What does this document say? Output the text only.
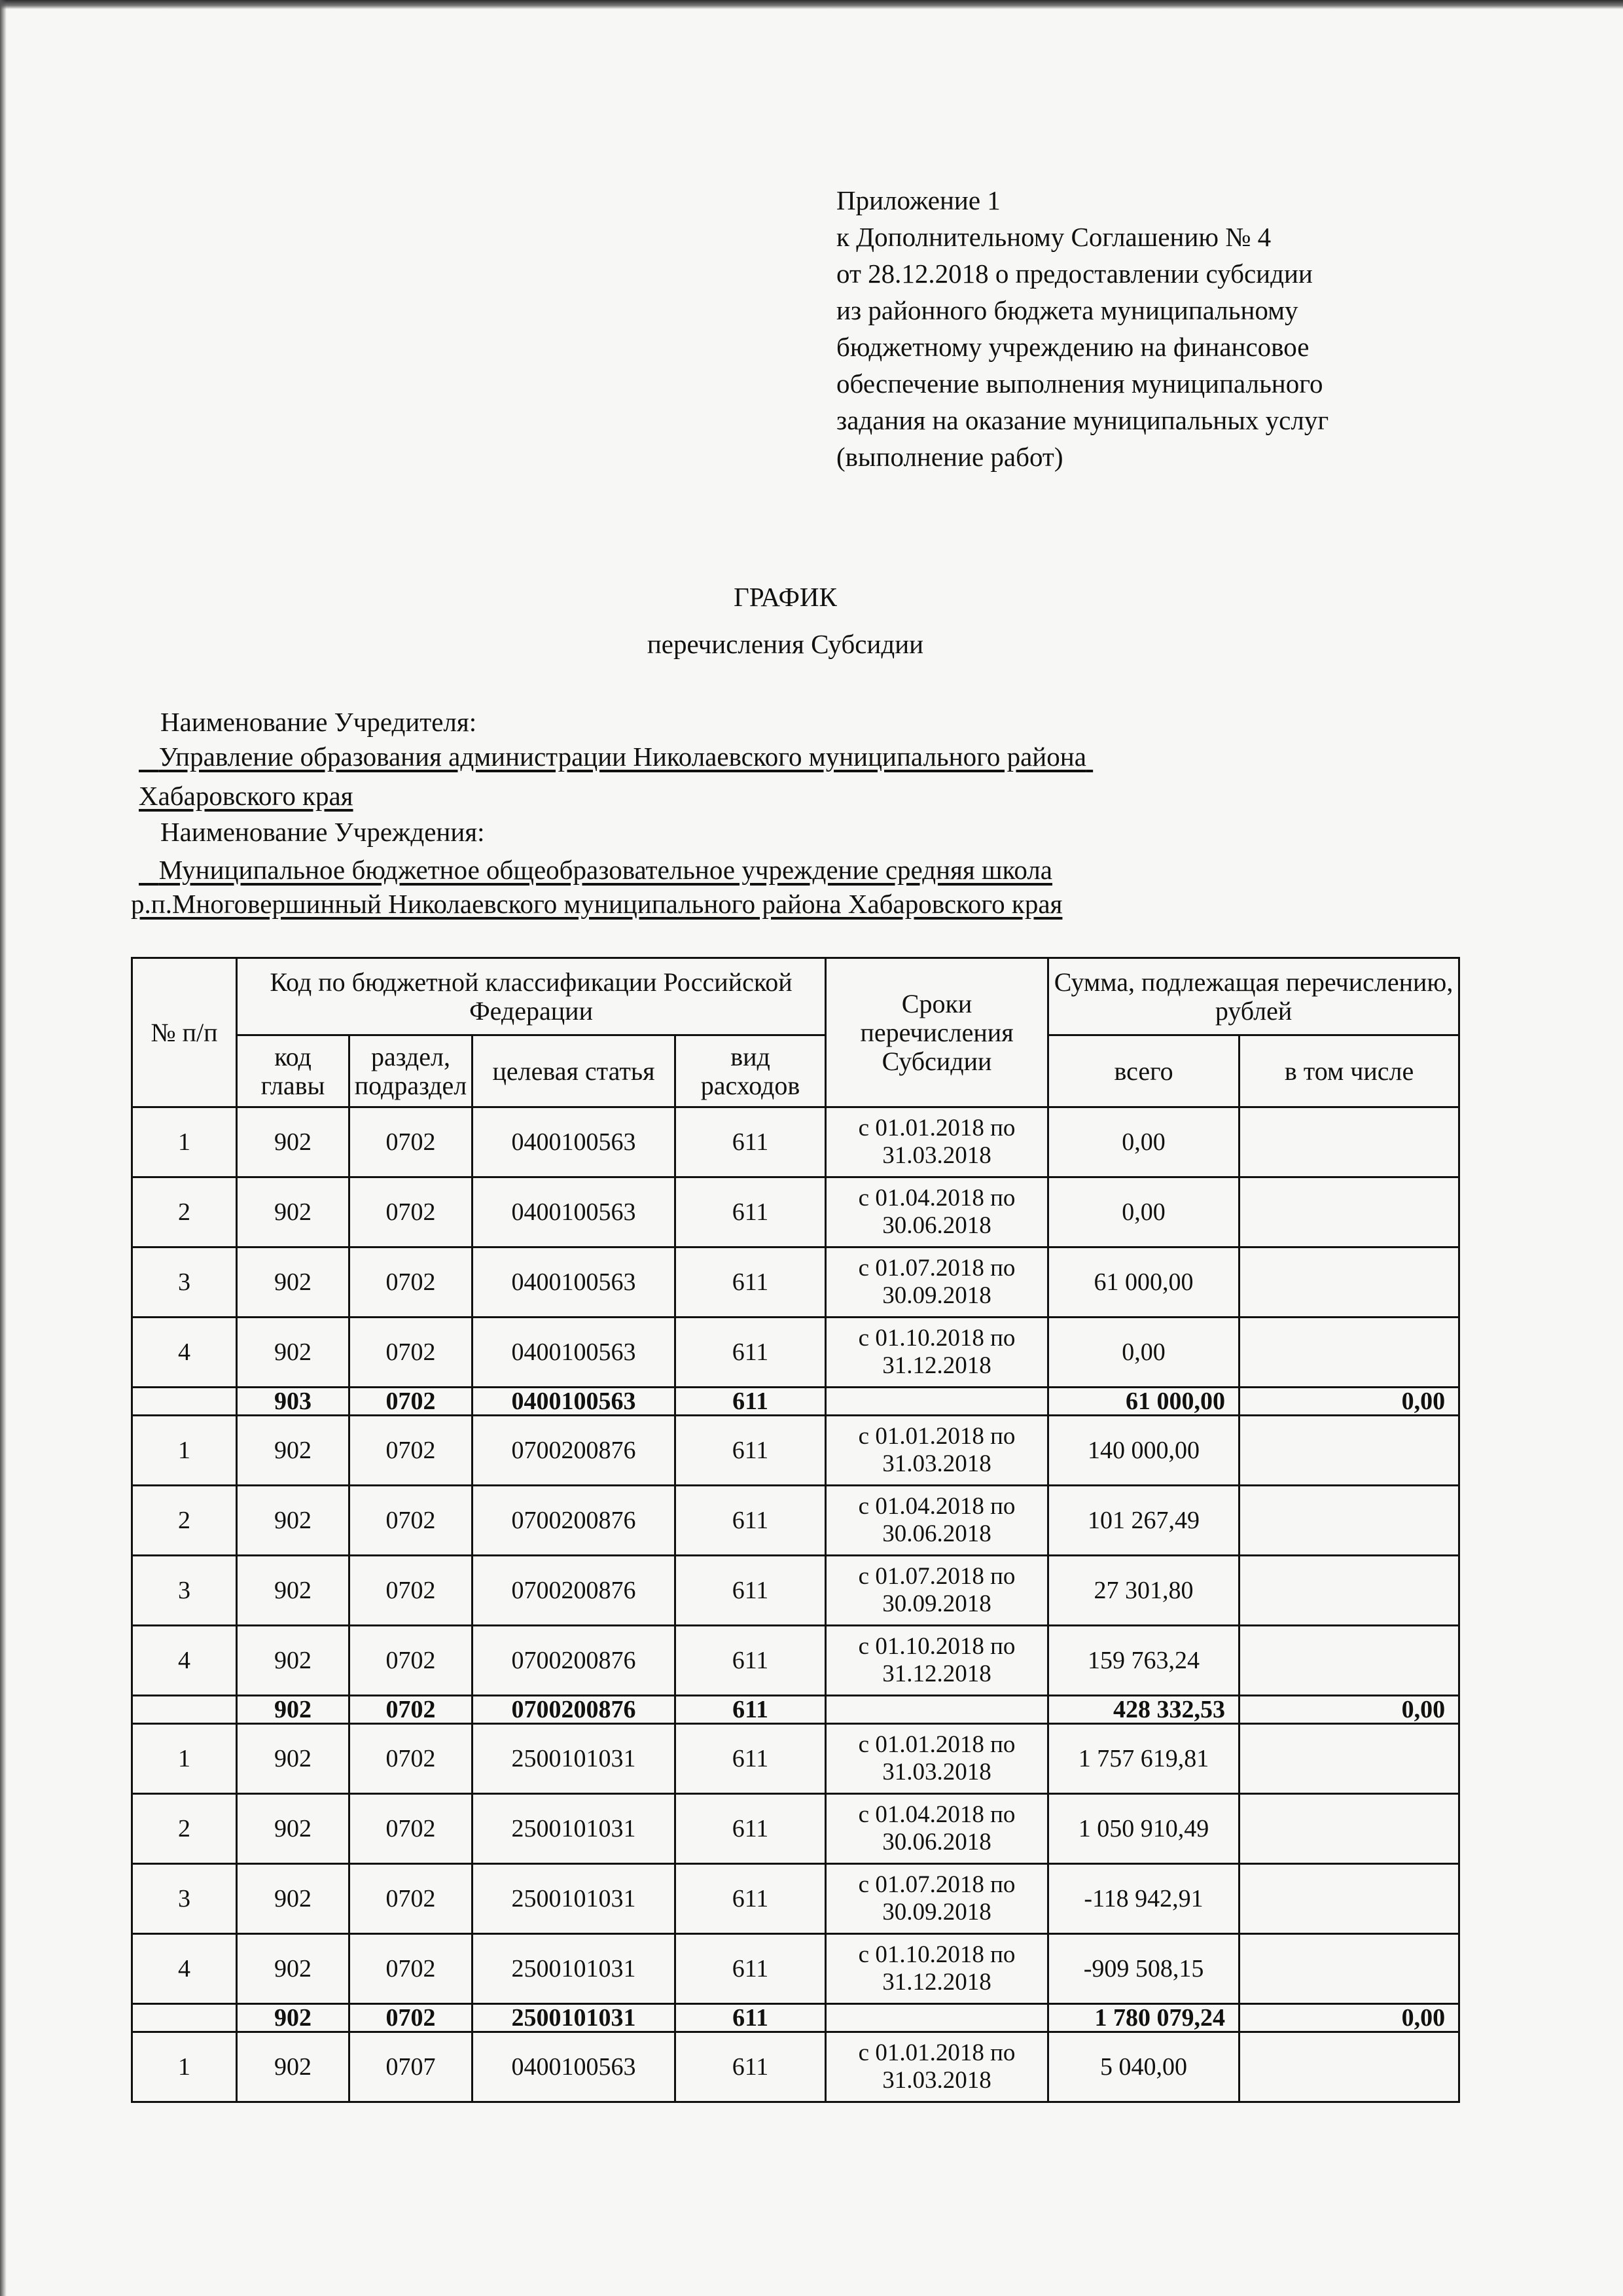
Приложение 1
к Дополнительному Соглашению № 4
от 28.12.2018 о предоставлении субсидии
из районного бюджета муниципальному
бюджетному учреждению на финансовое
обеспечение выполнения муниципального
задания на оказание муниципальных услуг
(выполнение работ)
ГРАФИК
перечисления Субсидии
Наименование Учредителя:
Управление образования администрации Николаевского муниципального района
Хабаровского края
Наименование Учреждения:
Муниципальное бюджетное общеобразовательное учреждение средняя школа
р.п.Многовершинный Николаевского муниципального района Хабаровского края
№ п/п	Код по бюджетной классификации Российской Федерации				Сроки перечисления Субсидии	Сумма, подлежащая перечислению, рублей	
	код главы	раздел, подраздел	целевая статья	вид расходов		всего	в том числе
1	902	0702	0400100563	611	с 01.01.2018 по 31.03.2018	0,00	
2	902	0702	0400100563	611	с 01.04.2018 по 30.06.2018	0,00	
3	902	0702	0400100563	611	с 01.07.2018 по 30.09.2018	61 000,00	
4	902	0702	0400100563	611	с 01.10.2018 по 31.12.2018	0,00	
	903	0702	0400100563	611		61 000,00	0,00
1	902	0702	0700200876	611	с 01.01.2018 по 31.03.2018	140 000,00	
2	902	0702	0700200876	611	с 01.04.2018 по 30.06.2018	101 267,49	
3	902	0702	0700200876	611	с 01.07.2018 по 30.09.2018	27 301,80	
4	902	0702	0700200876	611	с 01.10.2018 по 31.12.2018	159 763,24	
	902	0702	0700200876	611		428 332,53	0,00
1	902	0702	2500101031	611	с 01.01.2018 по 31.03.2018	1 757 619,81	
2	902	0702	2500101031	611	с 01.04.2018 по 30.06.2018	1 050 910,49	
3	902	0702	2500101031	611	с 01.07.2018 по 30.09.2018	-118 942,91	
4	902	0702	2500101031	611	с 01.10.2018 по 31.12.2018	-909 508,15	
	902	0702	2500101031	611		1 780 079,24	0,00
1	902	0707	0400100563	611	с 01.01.2018 по 31.03.2018	5 040,00	
